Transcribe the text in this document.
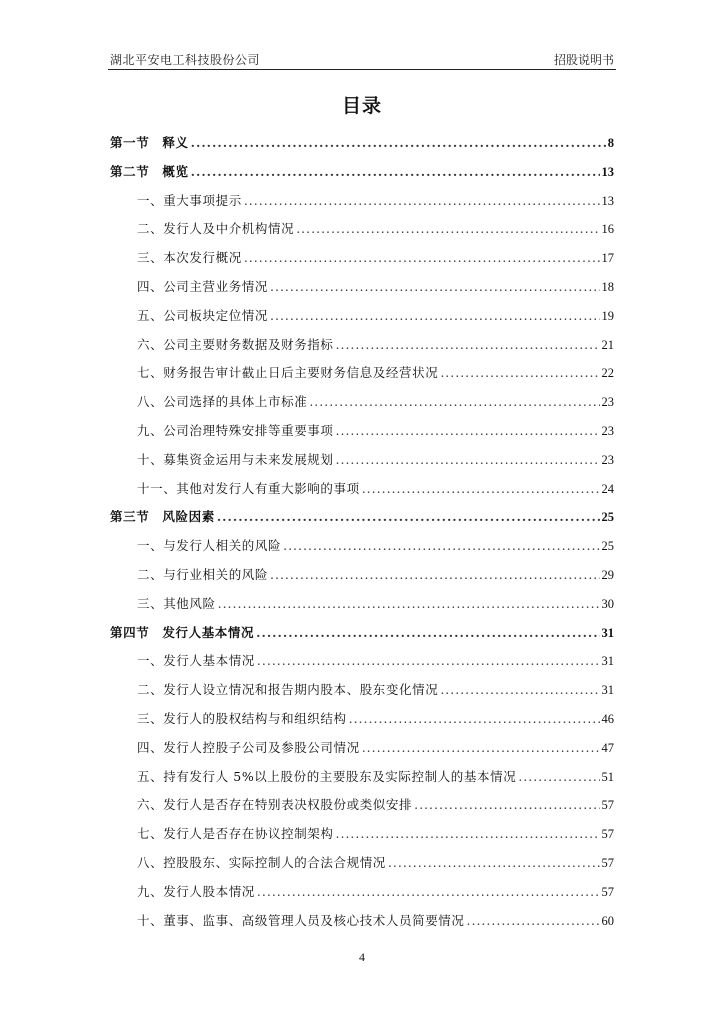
湖北平安电工科技股份公司	招股说明书
目录
第一节　释义 .....	8
第二节　概览 .....	13
一、重大事项提示 .....	13
二、发行人及中介机构情况 .....	16
三、本次发行概况 .....	17
四、公司主营业务情况 .....	18
五、公司板块定位情况 .....	19
六、公司主要财务数据及财务指标 .....	21
七、财务报告审计截止日后主要财务信息及经营状况 .....	22
八、公司选择的具体上市标准 .....	23
九、公司治理特殊安排等重要事项 .....	23
十、募集资金运用与未来发展规划 .....	23
十一、其他对发行人有重大影响的事项 .....	24
第三节　风险因素 .....	25
一、与发行人相关的风险 .....	25
二、与行业相关的风险 .....	29
三、其他风险 .....	30
第四节　发行人基本情况 .....	31
一、发行人基本情况 .....	31
二、发行人设立情况和报告期内股本、股东变化情况 .....	31
三、发行人的股权结构与和组织结构 .....	46
四、发行人控股子公司及参股公司情况 .....	47
五、持有发行人 5%以上股份的主要股东及实际控制人的基本情况 .....	51
六、发行人是否存在特别表决权股份或类似安排 .....	57
七、发行人是否存在协议控制架构 .....	57
八、控股股东、实际控制人的合法合规情况 .....	57
九、发行人股本情况 .....	57
十、董事、监事、高级管理人员及核心技术人员简要情况 .....	60
4
